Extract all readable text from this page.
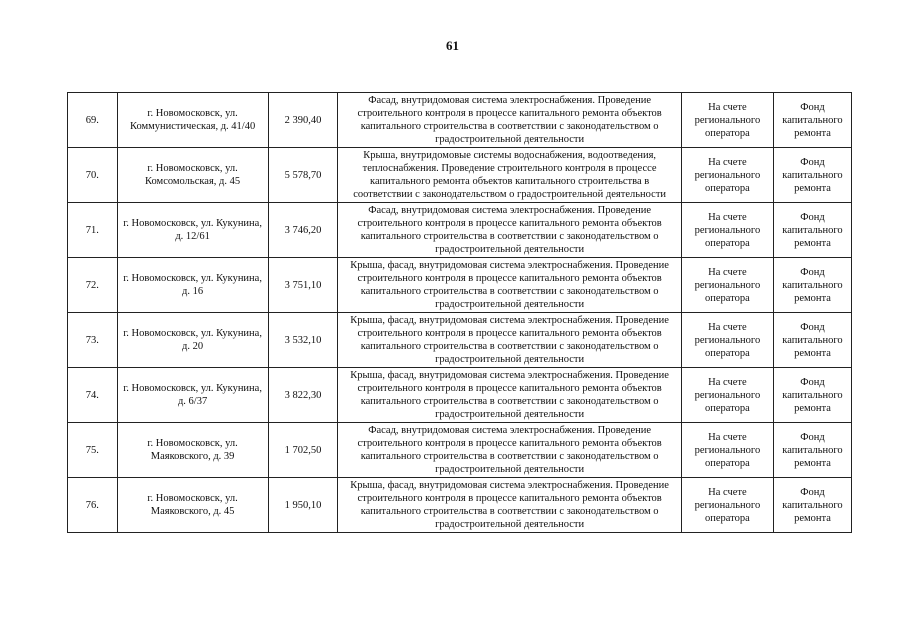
61
69.	г. Новомосковск, ул. Коммунистическая, д. 41/40	2 390,40	Фасад, внутридомовая система электроснабжения. Проведение строительного контроля в процессе капитального ремонта объектов капитального строительства в соответствии с законодательством о градостроительной деятельности	На счете регионального оператора	Фонд капитального ремонта
70.	г. Новомосковск, ул. Комсомольская, д. 45	5 578,70	Крыша, внутридомовые системы водоснабжения, водоотведения, теплоснабжения. Проведение строительного контроля в процессе капитального ремонта объектов капитального строительства в соответствии с законодательством о градостроительной деятельности	На счете регионального оператора	Фонд капитального ремонта
71.	г. Новомосковск, ул. Кукунина, д. 12/61	3 746,20	Фасад, внутридомовая система электроснабжения. Проведение строительного контроля в процессе капитального ремонта объектов капитального строительства в соответствии с законодательством о градостроительной деятельности	На счете регионального оператора	Фонд капитального ремонта
72.	г. Новомосковск, ул. Кукунина, д. 16	3 751,10	Крыша, фасад, внутридомовая система электроснабжения. Проведение строительного контроля в процессе капитального ремонта объектов капитального строительства в соответствии с законодательством о градостроительной деятельности	На счете регионального оператора	Фонд капитального ремонта
73.	г. Новомосковск, ул. Кукунина, д. 20	3 532,10	Крыша, фасад, внутридомовая система электроснабжения. Проведение строительного контроля в процессе капитального ремонта объектов капитального строительства в соответствии с законодательством о градостроительной деятельности	На счете регионального оператора	Фонд капитального ремонта
74.	г. Новомосковск, ул. Кукунина, д. 6/37	3 822,30	Крыша, фасад, внутридомовая система электроснабжения. Проведение строительного контроля в процессе капитального ремонта объектов капитального строительства в соответствии с законодательством о градостроительной деятельности	На счете регионального оператора	Фонд капитального ремонта
75.	г. Новомосковск, ул. Маяковского, д. 39	1 702,50	Фасад, внутридомовая система электроснабжения. Проведение строительного контроля в процессе капитального ремонта объектов капитального строительства в соответствии с законодательством о градостроительной деятельности	На счете регионального оператора	Фонд капитального ремонта
76.	г. Новомосковск, ул. Маяковского, д. 45	1 950,10	Крыша, фасад, внутридомовая система электроснабжения. Проведение строительного контроля в процессе капитального ремонта объектов капитального строительства в соответствии с законодательством о градостроительной деятельности	На счете регионального оператора	Фонд капитального ремонта
